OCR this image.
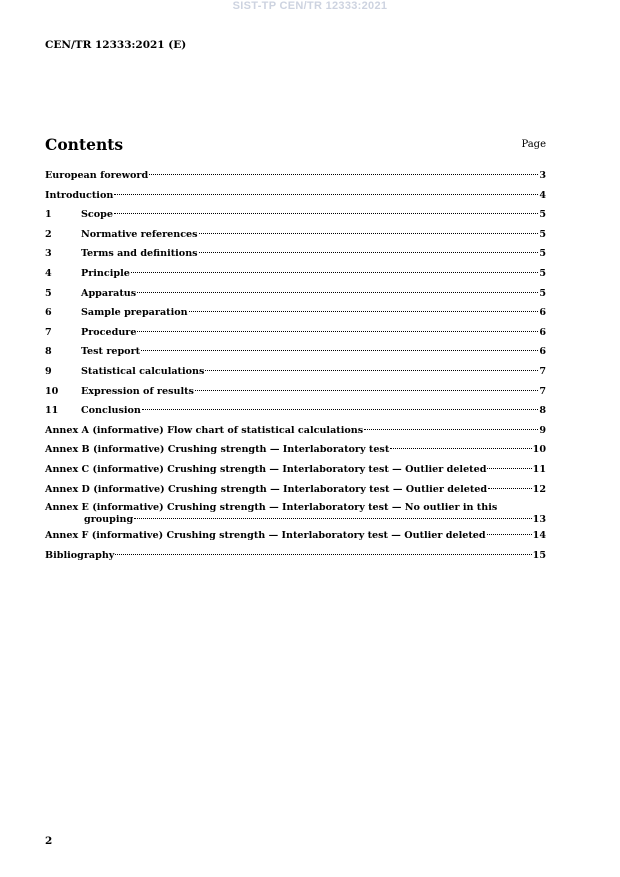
SIST-TP CEN/TR 12333:2021
CEN/TR 12333:2021 (E)
Contents	Page
European foreword	3
Introduction	4
1	Scope	5
2	Normative references	5
3	Terms and definitions	5
4	Principle	5
5	Apparatus	5
6	Sample preparation	6
7	Procedure	6
8	Test report	6
9	Statistical calculations	7
10	Expression of results	7
11	Conclusion	8
Annex A (informative) Flow chart of statistical calculations	9
Annex B (informative) Crushing strength — Interlaboratory test	10
Annex C (informative) Crushing strength — Interlaboratory test — Outlier deleted	11
Annex D (informative) Crushing strength — Interlaboratory test — Outlier deleted	12
Annex E (informative) Crushing strength — Interlaboratory test — No outlier in this
grouping	13
Annex F (informative) Crushing strength — Interlaboratory test — Outlier deleted	14
Bibliography	15
2
